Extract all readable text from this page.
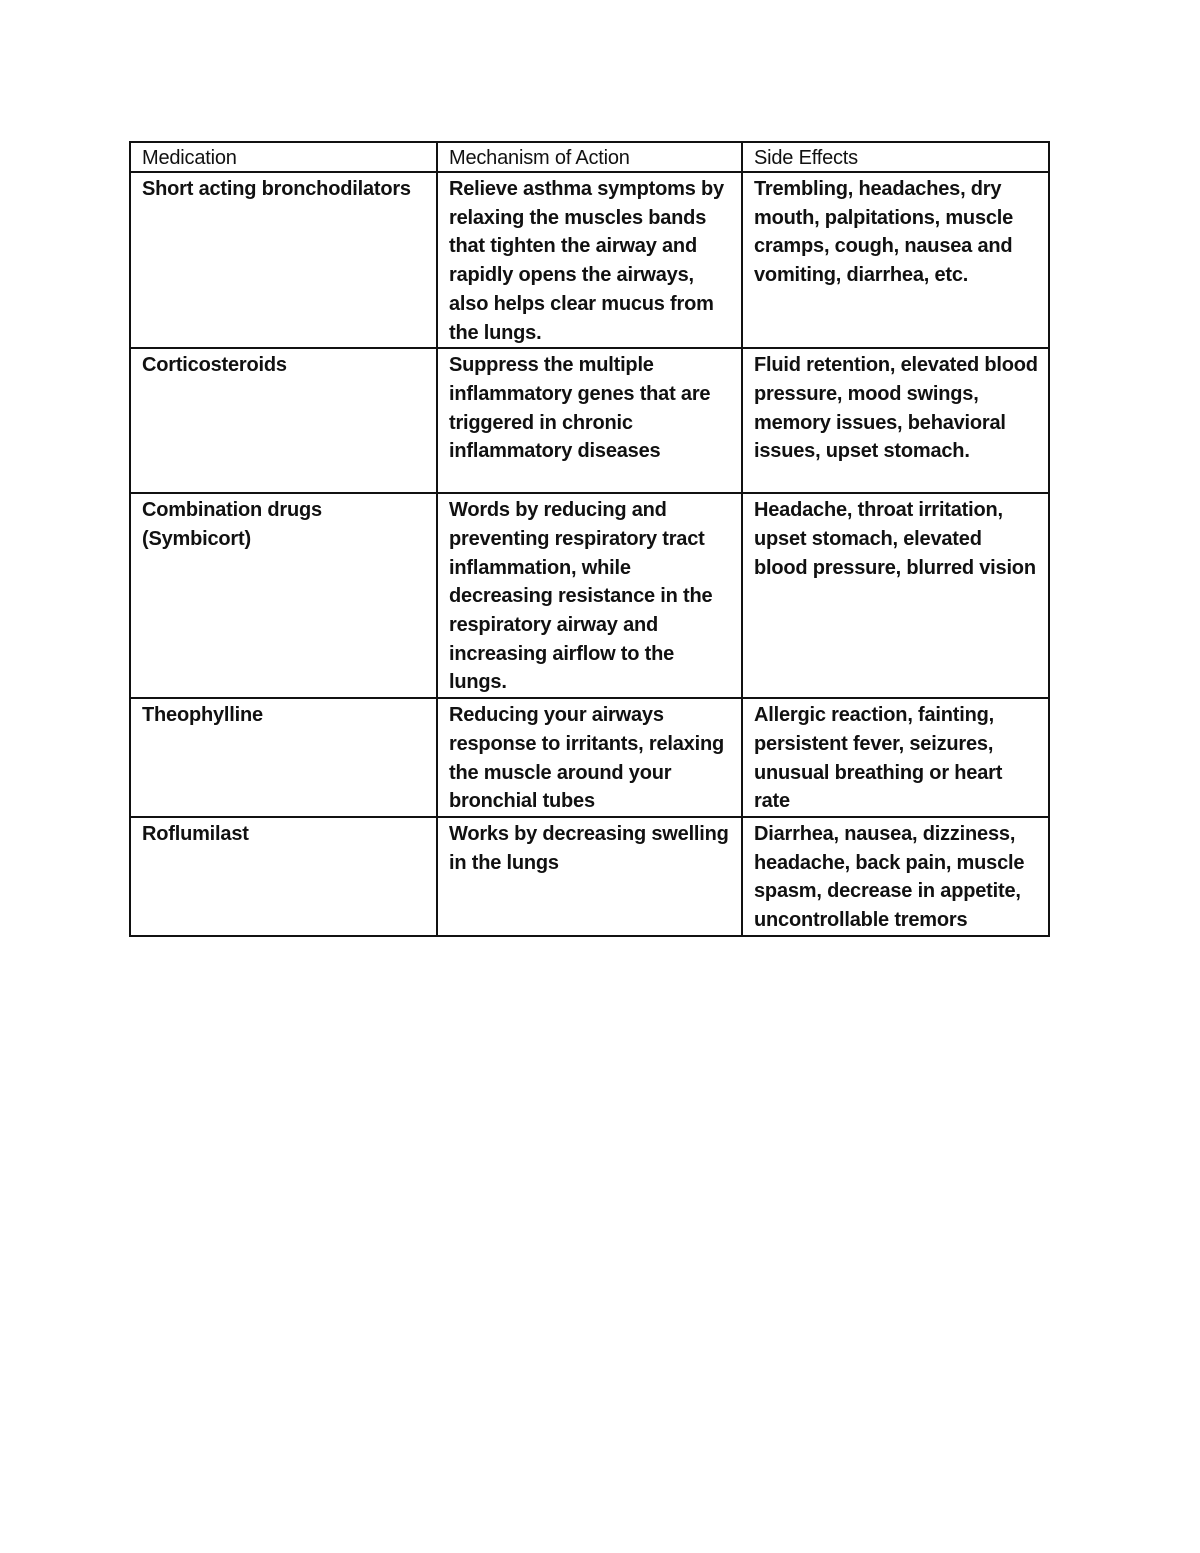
Medication	Mechanism of Action	Side Effects
Short acting bronchodilators	Relieve asthma symptoms by relaxing the muscles bands that tighten the airway and rapidly opens the airways, also helps clear mucus from the lungs.	Trembling, headaches, dry mouth, palpitations, muscle cramps, cough, nausea and vomiting, diarrhea, etc.
Corticosteroids	Suppress the multiple inflammatory genes that are triggered in chronic inflammatory diseases	Fluid retention, elevated blood pressure, mood swings, memory issues, behavioral issues, upset stomach.
Combination drugs (Symbicort)	Words by reducing and preventing respiratory tract inflammation, while decreasing resistance in the respiratory airway and increasing airflow to the lungs.	Headache, throat irritation, upset stomach, elevated blood pressure, blurred vision
Theophylline	Reducing your airways response to irritants, relaxing the muscle around your bronchial tubes	Allergic reaction, fainting, persistent fever, seizures, unusual breathing or heart rate
Roflumilast	Works by decreasing swelling in the lungs	Diarrhea, nausea, dizziness, headache, back pain, muscle spasm, decrease in appetite, uncontrollable tremors
